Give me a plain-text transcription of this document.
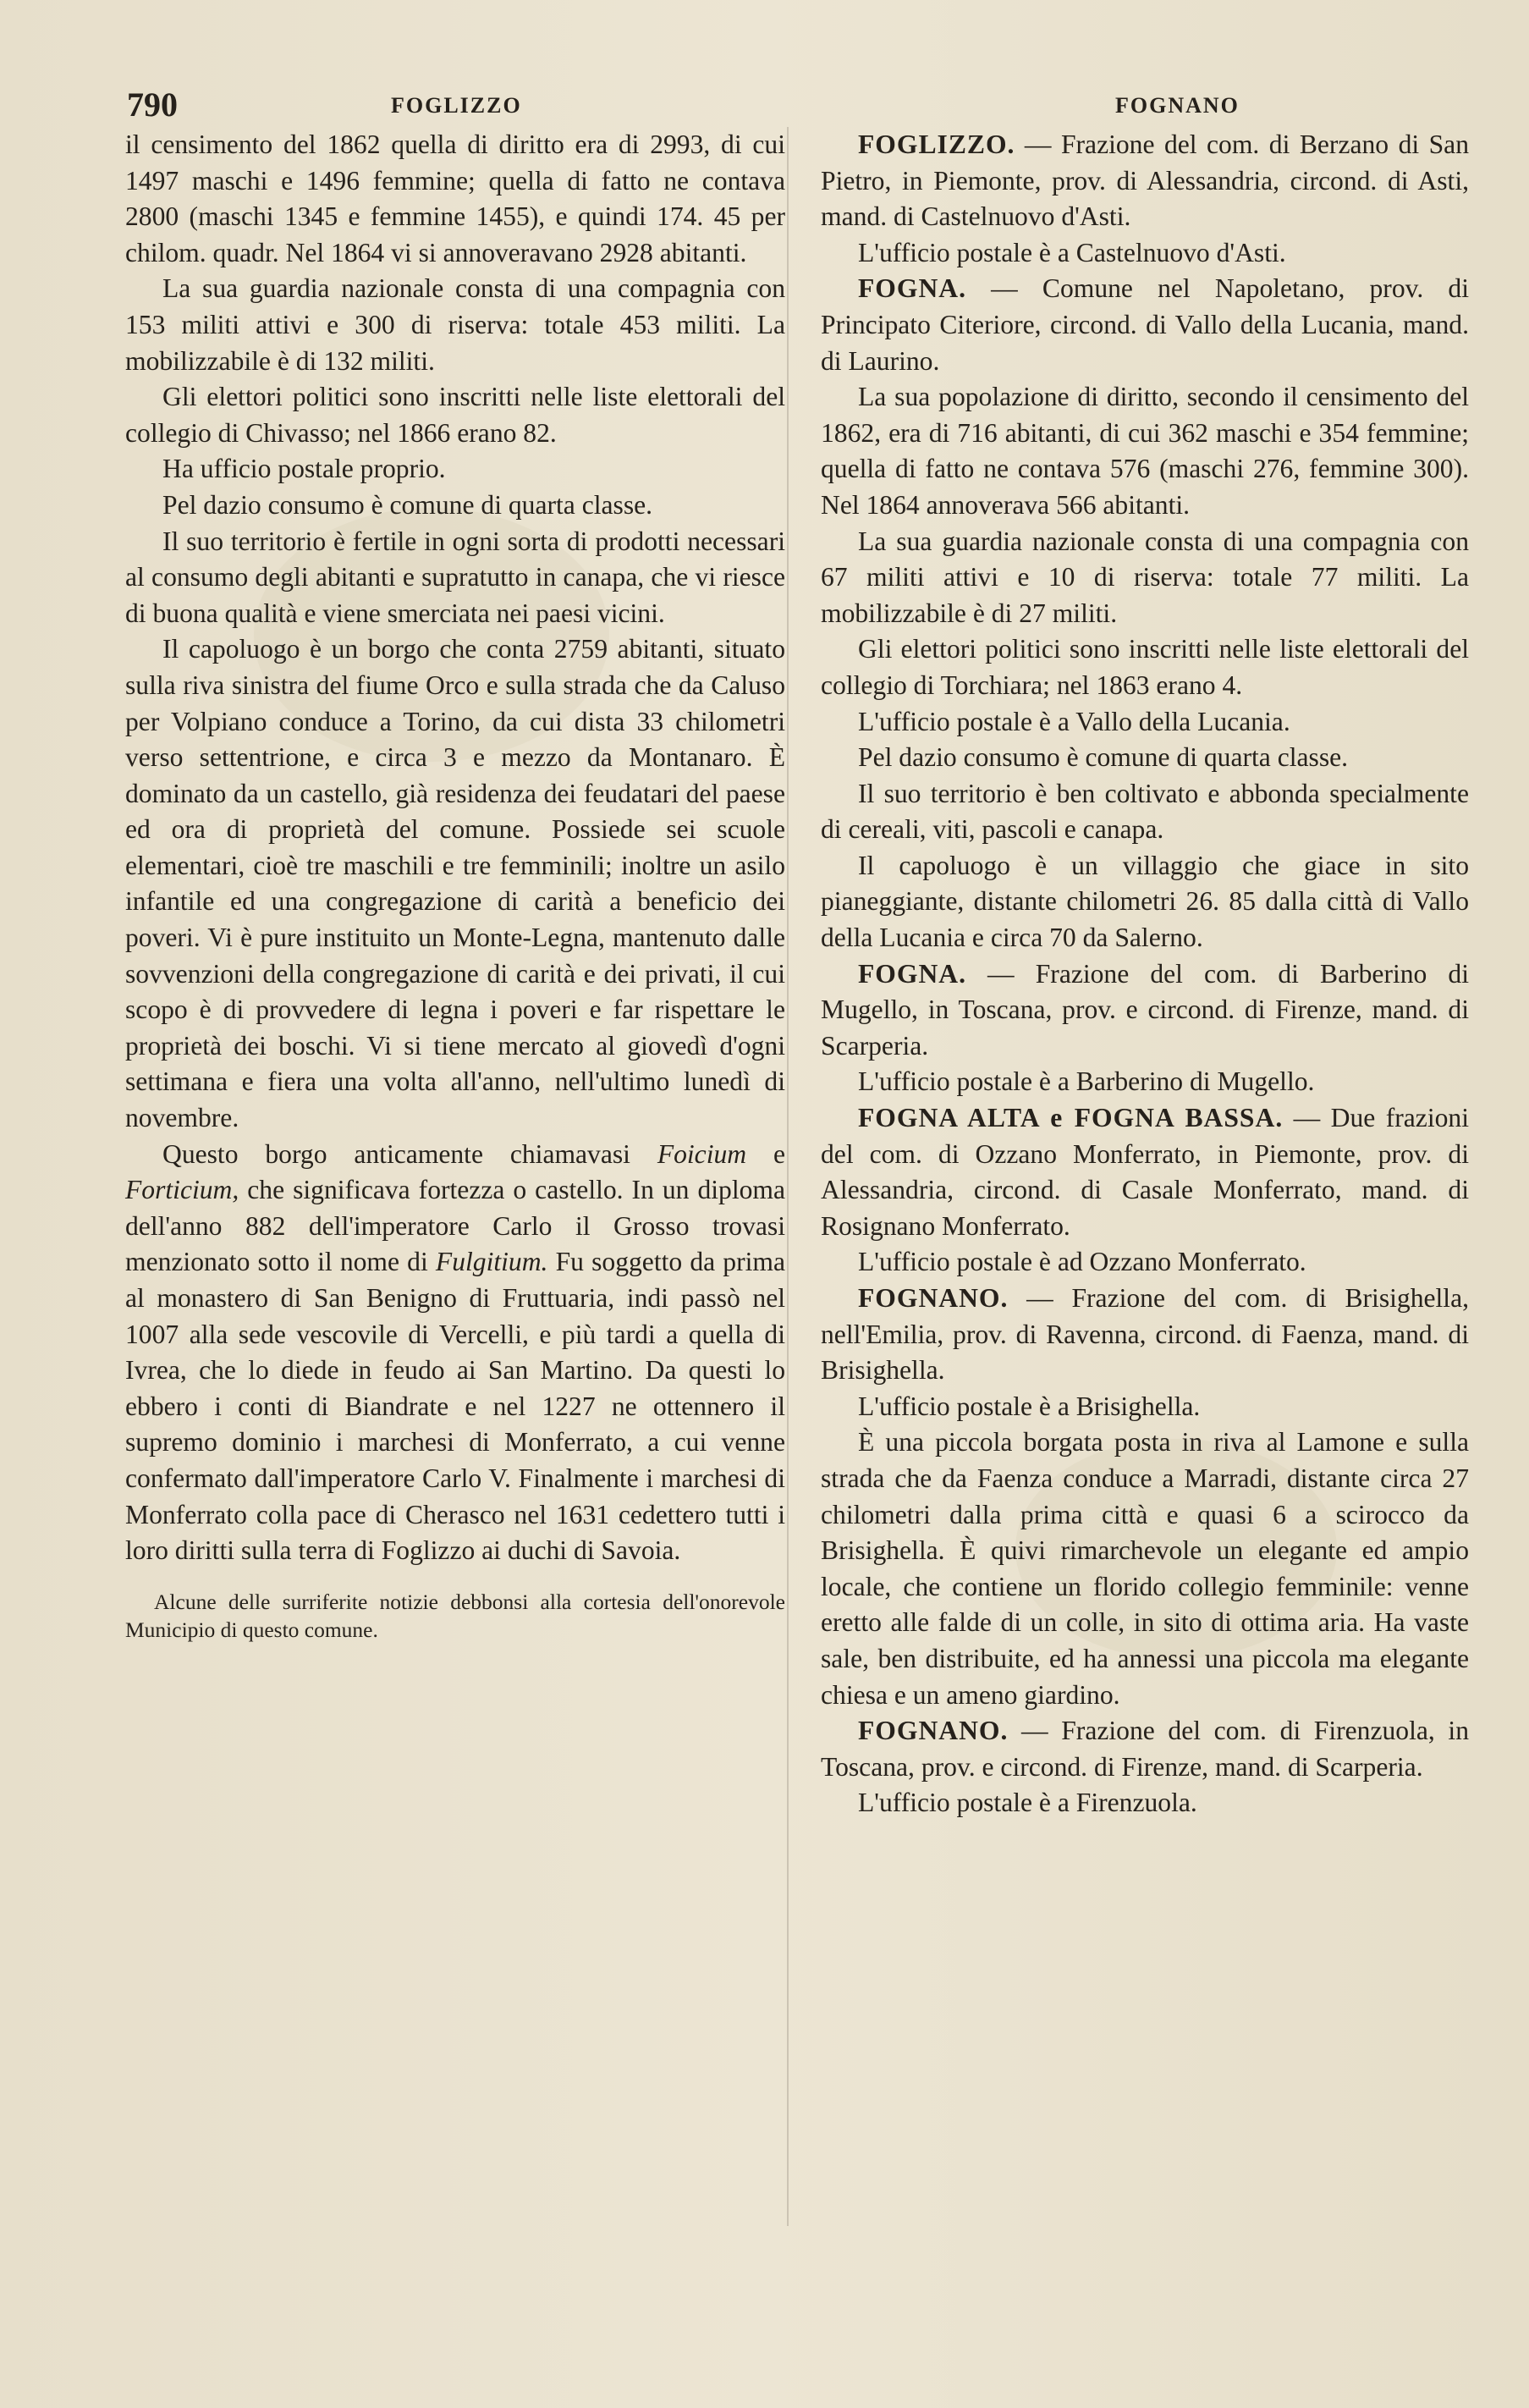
790	FOGLIZZO	FOGNANO

il censimento del 1862 quella di diritto era di 2993, di cui 1497 maschi e 1496 femmine; quella di fatto ne contava 2800 (maschi 1345 e femmine 1455), e quindi 174. 45 per chilom. quadr. Nel 1864 vi si annoveravano 2928 abitanti.

La sua guardia nazionale consta di una compagnia con 153 militi attivi e 300 di riserva: totale 453 militi. La mobilizzabile è di 132 militi.

Gli elettori politici sono inscritti nelle liste elettorali del collegio di Chivasso; nel 1866 erano 82.

Ha ufficio postale proprio.

Pel dazio consumo è comune di quarta classe.

Il suo territorio è fertile in ogni sorta di prodotti necessari al consumo degli abitanti e supratutto in canapa, che vi riesce di buona qualità e viene smerciata nei paesi vicini.

Il capoluogo è un borgo che conta 2759 abitanti, situato sulla riva sinistra del fiume Orco e sulla strada che da Caluso per Volpiano conduce a Torino, da cui dista 33 chilometri verso settentrione, e circa 3 e mezzo da Montanaro. È dominato da un castello, già residenza dei feudatari del paese ed ora di proprietà del comune. Possiede sei scuole elementari, cioè tre maschili e tre femminili; inoltre un asilo infantile ed una congregazione di carità a beneficio dei poveri. Vi è pure instituito un Monte-Legna, mantenuto dalle sovvenzioni della congregazione di carità e dei privati, il cui scopo è di provvedere di legna i poveri e far rispettare le proprietà dei boschi. Vi si tiene mercato al giovedì d'ogni settimana e fiera una volta all'anno, nell'ultimo lunedì di novembre.

Questo borgo anticamente chiamavasi Foicium e Forticium, che significava fortezza o castello. In un diploma dell'anno 882 dell'imperatore Carlo il Grosso trovasi menzionato sotto il nome di Fulgitium. Fu soggetto da prima al monastero di San Benigno di Fruttuaria, indi passò nel 1007 alla sede vescovile di Vercelli, e più tardi a quella di Ivrea, che lo diede in feudo ai San Martino. Da questi lo ebbero i conti di Biandrate e nel 1227 ne ottennero il supremo dominio i marchesi di Monferrato, a cui venne confermato dall'imperatore Carlo V. Finalmente i marchesi di Monferrato colla pace di Cherasco nel 1631 cedettero tutti i loro diritti sulla terra di Foglizzo ai duchi di Savoia.

Alcune delle surriferite notizie debbonsi alla cortesia dell'onorevole Municipio di questo comune.

FOGLIZZO. — Frazione del com. di Berzano di San Pietro, in Piemonte, prov. di Alessandria, circond. di Asti, mand. di Castelnuovo d'Asti.

L'ufficio postale è a Castelnuovo d'Asti.

FOGNA. — Comune nel Napoletano, prov. di Principato Citeriore, circond. di Vallo della Lucania, mand. di Laurino.

La sua popolazione di diritto, secondo il censimento del 1862, era di 716 abitanti, di cui 362 maschi e 354 femmine; quella di fatto ne contava 576 (maschi 276, femmine 300). Nel 1864 annoverava 566 abitanti.

La sua guardia nazionale consta di una compagnia con 67 militi attivi e 10 di riserva: totale 77 militi. La mobilizzabile è di 27 militi.

Gli elettori politici sono inscritti nelle liste elettorali del collegio di Torchiara; nel 1863 erano 4.

L'ufficio postale è a Vallo della Lucania.

Pel dazio consumo è comune di quarta classe.

Il suo territorio è ben coltivato e abbonda specialmente di cereali, viti, pascoli e canapa.

Il capoluogo è un villaggio che giace in sito pianeggiante, distante chilometri 26. 85 dalla città di Vallo della Lucania e circa 70 da Salerno.

FOGNA. — Frazione del com. di Barberino di Mugello, in Toscana, prov. e circond. di Firenze, mand. di Scarperia.

L'ufficio postale è a Barberino di Mugello.

FOGNA ALTA e FOGNA BASSA. — Due frazioni del com. di Ozzano Monferrato, in Piemonte, prov. di Alessandria, circond. di Casale Monferrato, mand. di Rosignano Monferrato.

L'ufficio postale è ad Ozzano Monferrato.

FOGNANO. — Frazione del com. di Brisighella, nell'Emilia, prov. di Ravenna, circond. di Faenza, mand. di Brisighella.

L'ufficio postale è a Brisighella.

È una piccola borgata posta in riva al Lamone e sulla strada che da Faenza conduce a Marradi, distante circa 27 chilometri dalla prima città e quasi 6 a scirocco da Brisighella. È quivi rimarchevole un elegante ed ampio locale, che contiene un florido collegio femminile: venne eretto alle falde di un colle, in sito di ottima aria. Ha vaste sale, ben distribuite, ed ha annessi una piccola ma elegante chiesa e un ameno giardino.

FOGNANO. — Frazione del com. di Firenzuola, in Toscana, prov. e circond. di Firenze, mand. di Scarperia.

L'ufficio postale è a Firenzuola.
